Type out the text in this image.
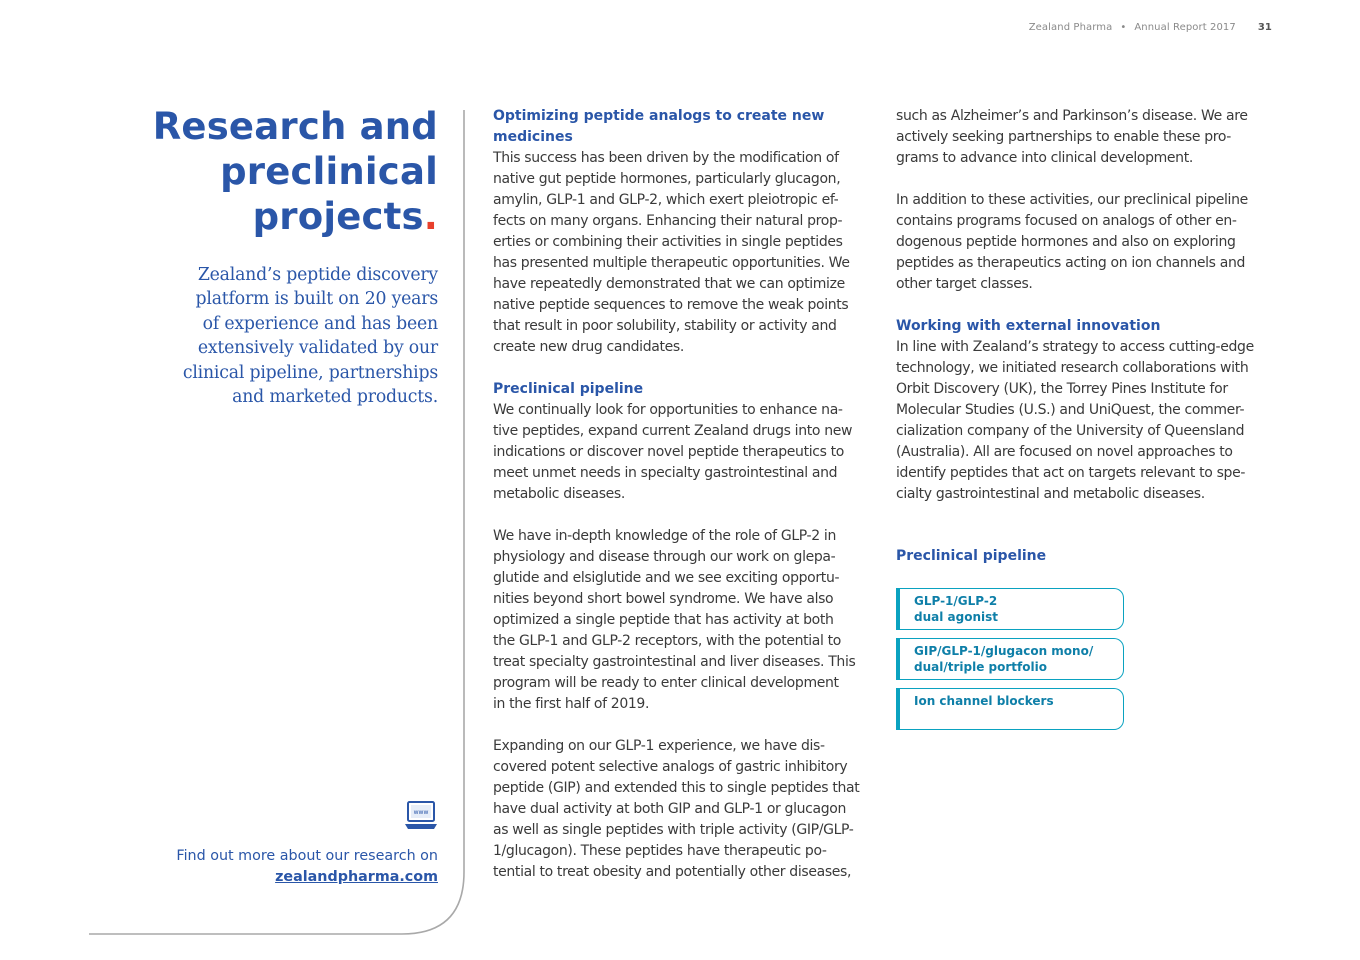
Zealand Pharma • Annual Report 2017 31
Research and
preclinical
projects.
Zealand’s peptide discovery
platform is built on 20 years
of experience and has been
extensively validated by our
clinical pipeline, partnerships
and marketed products.
www
Find out more about our research on
zealandpharma.com
Optimizing peptide analogs to create new
medicines

This success has been driven by the modification of
native gut peptide hormones, particularly glucagon,
amylin, GLP-1 and GLP-2, which exert pleiotropic ef-
fects on many organs. Enhancing their natural prop-
erties or combining their activities in single peptides
has presented multiple therapeutic opportunities. We
have repeatedly demonstrated that we can optimize
native peptide sequences to remove the weak points
that result in poor solubility, stability or activity and
create new drug candidates.

Preclinical pipeline

We continually look for opportunities to enhance na-
tive peptides, expand current Zealand drugs into new
indications or discover novel peptide therapeutics to
meet unmet needs in specialty gastrointestinal and
metabolic diseases.

We have in-depth knowledge of the role of GLP-2 in
physiology and disease through our work on glepa-
glutide and elsiglutide and we see exciting opportu-
nities beyond short bowel syndrome. We have also
optimized a single peptide that has activity at both
the GLP-1 and GLP-2 receptors, with the potential to
treat specialty gastrointestinal and liver diseases. This
program will be ready to enter clinical development
in the first half of 2019.

Expanding on our GLP-1 experience, we have dis-
covered potent selective analogs of gastric inhibitory
peptide (GIP) and extended this to single peptides that
have dual activity at both GIP and GLP-1 or glucagon
as well as single peptides with triple activity (GIP/GLP-
1/glucagon). These peptides have therapeutic po-
tential to treat obesity and potentially other diseases,

such as Alzheimer’s and Parkinson’s disease. We are
actively seeking partnerships to enable these pro-
grams to advance into clinical development.

In addition to these activities, our preclinical pipeline
contains programs focused on analogs of other en-
dogenous peptide hormones and also on exploring
peptides as therapeutics acting on ion channels and
other target classes.

Working with external innovation

In line with Zealand’s strategy to access cutting-edge
technology, we initiated research collaborations with
Orbit Discovery (UK), the Torrey Pines Institute for
Molecular Studies (U.S.) and UniQuest, the commer-
cialization company of the University of Queensland
(Australia). All are focused on novel approaches to
identify peptides that act on targets relevant to spe-
cialty gastrointestinal and metabolic diseases.

Preclinical pipeline
GLP-1/GLP-2
dual agonist
GIP/GLP-1/glugacon mono/
dual/triple portfolio
Ion channel blockers
